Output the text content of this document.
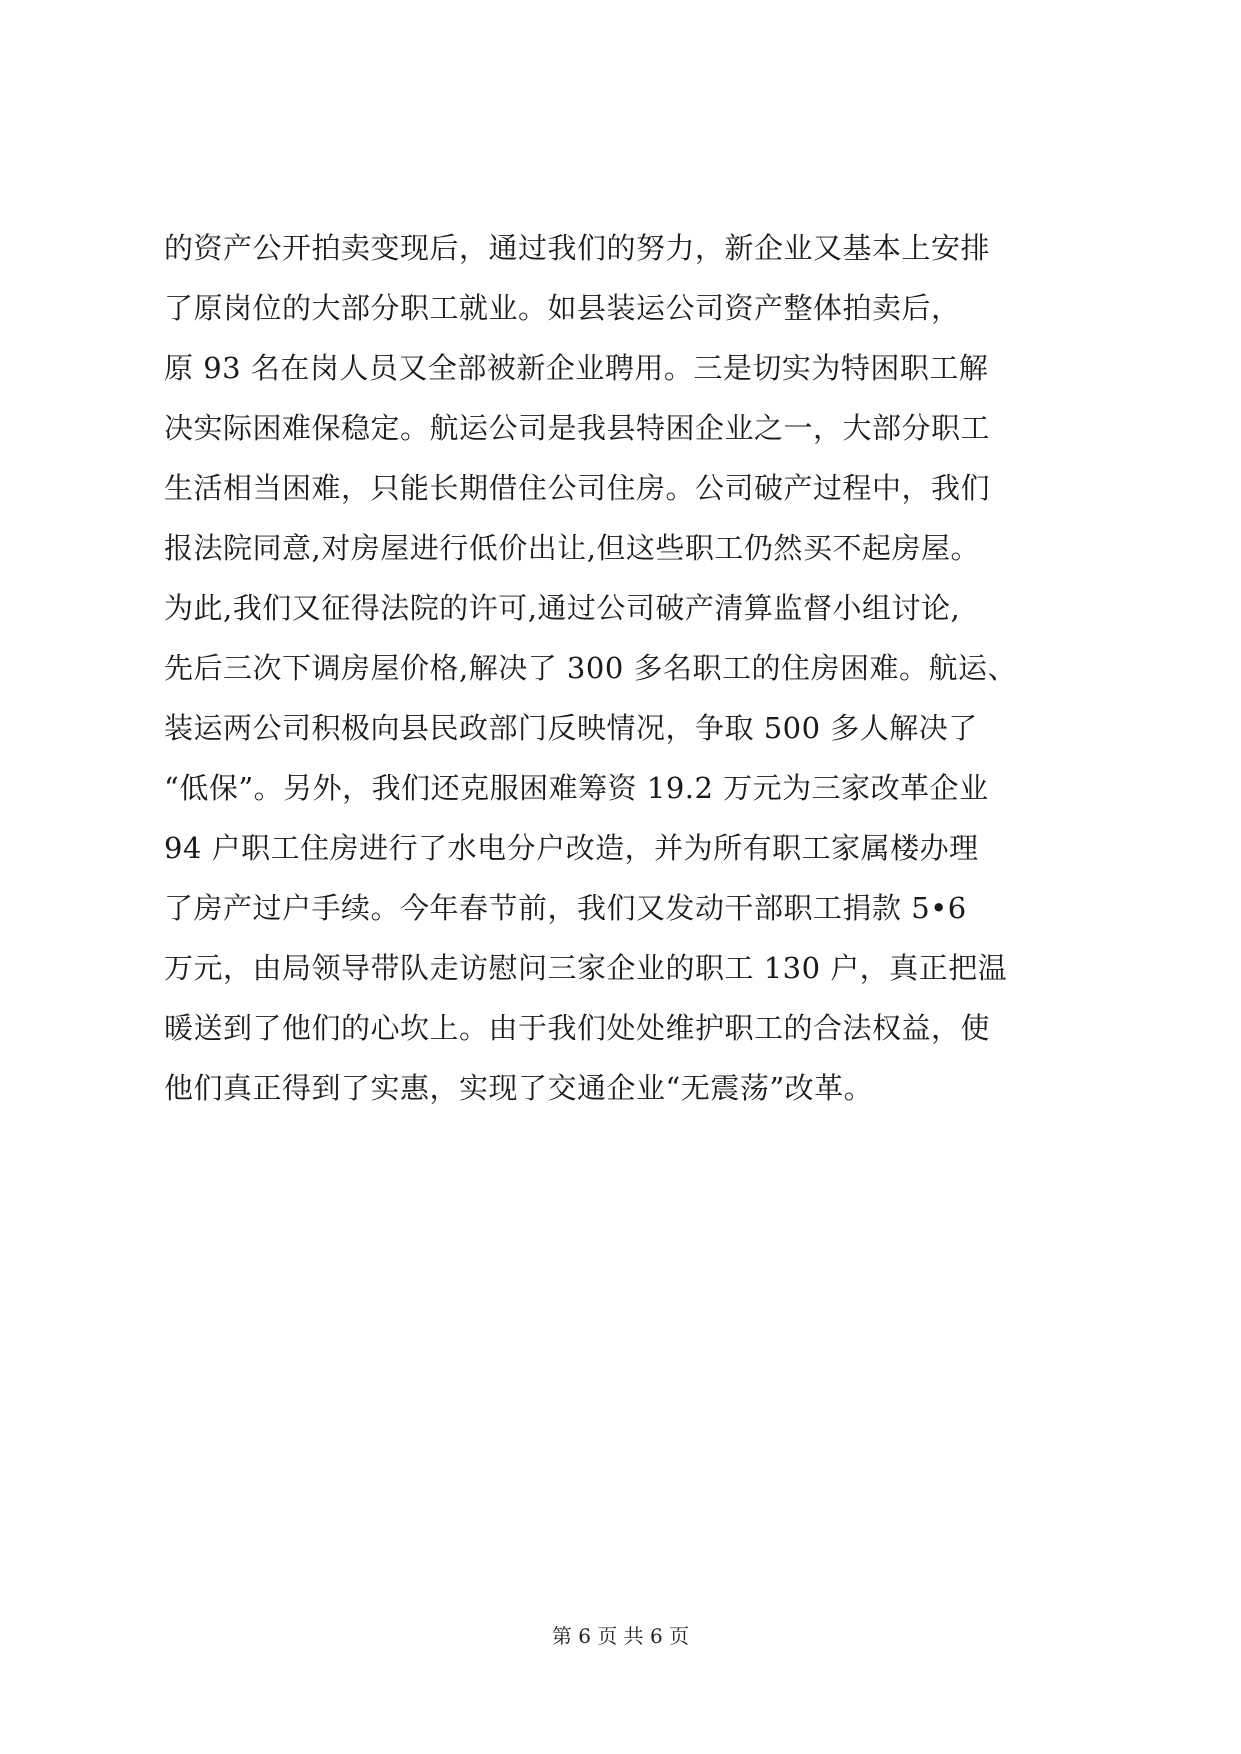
的资产公开拍卖变现后，通过我们的努力，新企业又基本上安排
了原岗位的大部分职工就业。如县装运公司资产整体拍卖后，
原 93 名在岗人员又全部被新企业聘用。三是切实为特困职工解
决实际困难保稳定。航运公司是我县特困企业之一，大部分职工
生活相当困难，只能长期借住公司住房。公司破产过程中，我们
报法院同意,对房屋进行低价出让,但这些职工仍然买不起房屋。
为此,我们又征得法院的许可,通过公司破产清算监督小组讨论,
先后三次下调房屋价格,解决了 300 多名职工的住房困难。航运、
装运两公司积极向县民政部门反映情况，争取 500 多人解决了
“低保”。另外，我们还克服困难筹资 19.2 万元为三家改革企业
94 户职工住房进行了水电分户改造，并为所有职工家属楼办理
了房产过户手续。今年春节前，我们又发动干部职工捐款 5•6
万元，由局领导带队走访慰问三家企业的职工 130 户，真正把温
暖送到了他们的心坎上。由于我们处处维护职工的合法权益，使
他们真正得到了实惠，实现了交通企业“无震荡”改革。
第 6 页 共 6 页
